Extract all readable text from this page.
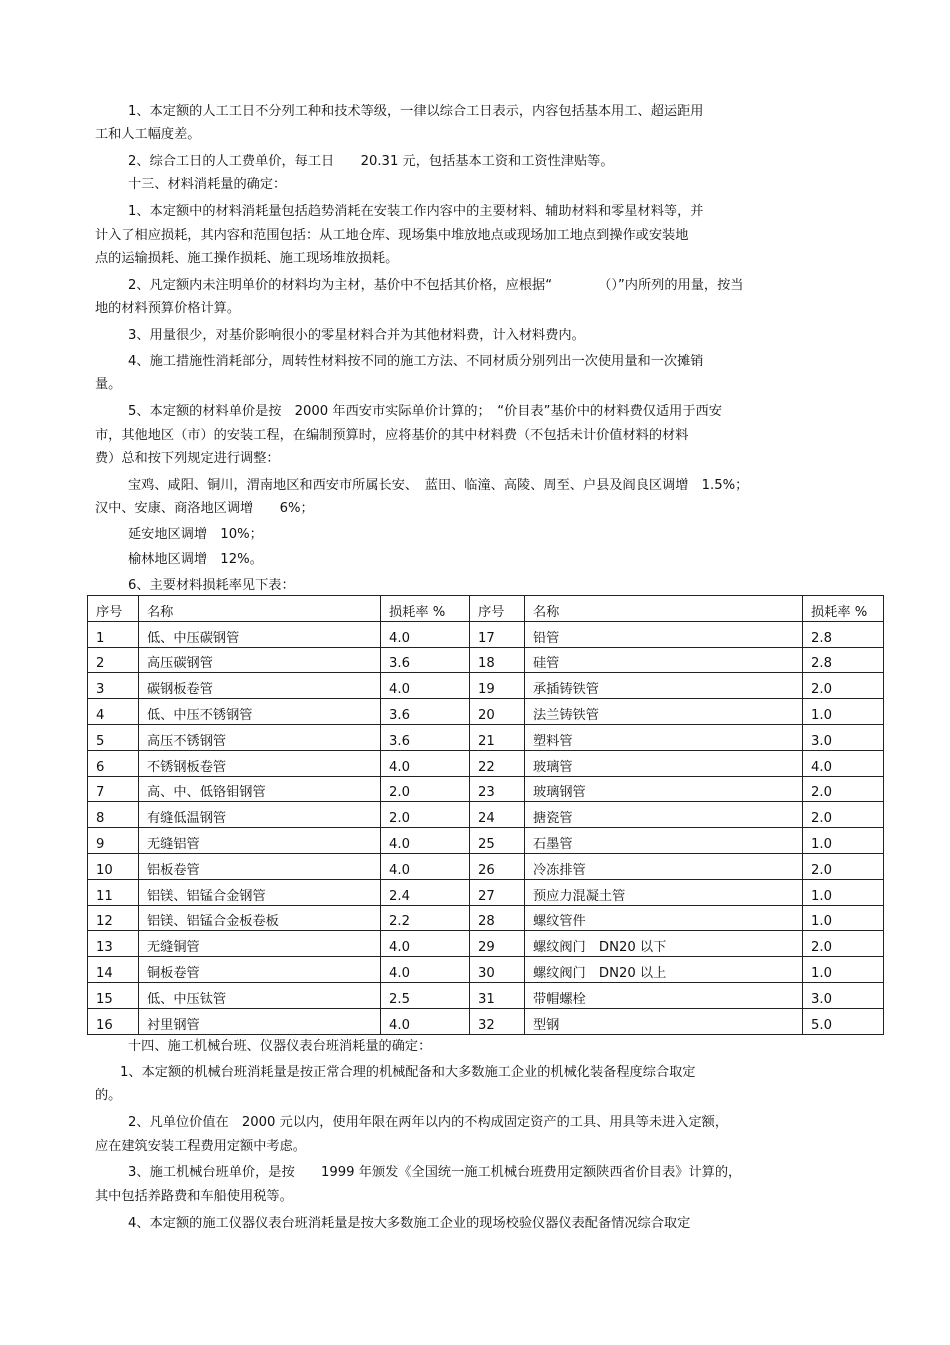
1、本定额的人工工日不分列工种和技术等级，一律以综合工日表示，内容包括基本用工、超运距用
工和人工幅度差。
2、综合工日的人工费单价，每工日　　20.31 元，包括基本工资和工资性津贴等。
十三、材料消耗量的确定：
1、本定额中的材料消耗量包括趋势消耗在安装工作内容中的主要材料、辅助材料和零星材料等，并
计入了相应损耗，其内容和范围包括：从工地仓库、现场集中堆放地点或现场加工地点到操作或安装地
点的运输损耗、施工操作损耗、施工现场堆放损耗。
2、凡定额内未注明单价的材料均为主材，基价中不包括其价格，应根据“　　　　（）”内所列的用量，按当
地的材料预算价格计算。
3、用量很少，对基价影响很小的零星材料合并为其他材料费，计入材料费内。
4、施工措施性消耗部分，周转性材料按不同的施工方法、不同材质分别列出一次使用量和一次摊销
量。
5、本定额的材料单价是按　2000 年西安市实际单价计算的；　“价目表”基价中的材料费仅适用于西安
市，其他地区（市）的安装工程，在编制预算时，应将基价的其中材料费（不包括未计价值材料的材料
费）总和按下列规定进行调整：
宝鸡、咸阳、铜川，渭南地区和西安市所属长安、　蓝田、临潼、高陵、周至、户县及阎良区调增　1.5%；
汉中、安康、商洛地区调增　　6%；
延安地区调增　10%；
榆林地区调增　12%。
6、主要材料损耗率见下表：
序号	名称	损耗率 %	序号	名称	损耗率 %
1	低、中压碳钢管	4.0	17	铅管	2.8
2	高压碳钢管	3.6	18	硅管	2.8
3	碳钢板卷管	4.0	19	承插铸铁管	2.0
4	低、中压不锈钢管	3.6	20	法兰铸铁管	1.0
5	高压不锈钢管	3.6	21	塑料管	3.0
6	不锈钢板卷管	4.0	22	玻璃管	4.0
7	高、中、低铬钼钢管	2.0	23	玻璃钢管	2.0
8	有缝低温钢管	2.0	24	搪瓷管	2.0
9	无缝铝管	4.0	25	石墨管	1.0
10	铝板卷管	4.0	26	冷冻排管	2.0
11	铝镁、铝锰合金钢管	2.4	27	预应力混凝土管	1.0
12	铝镁、铝锰合金板卷板	2.2	28	螺纹管件	1.0
13	无缝铜管	4.0	29	螺纹阀门　DN20 以下	2.0
14	铜板卷管	4.0	30	螺纹阀门　DN20 以上	1.0
15	低、中压钛管	2.5	31	带帽螺栓	3.0
16	衬里钢管	4.0	32	型钢	5.0
十四、施工机械台班、仪器仪表台班消耗量的确定：
1、本定额的机械台班消耗量是按正常合理的机械配备和大多数施工企业的机械化装备程度综合取定
的。
2、凡单位价值在　2000 元以内，使用年限在两年以内的不构成固定资产的工具、用具等未进入定额，
应在建筑安装工程费用定额中考虑。
3、施工机械台班单价，是按　　1999 年颁发《全国统一施工机械台班费用定额陕西省价目表》计算的，
其中包括养路费和车船使用税等。
4、本定额的施工仪器仪表台班消耗量是按大多数施工企业的现场校验仪器仪表配备情况综合取定
